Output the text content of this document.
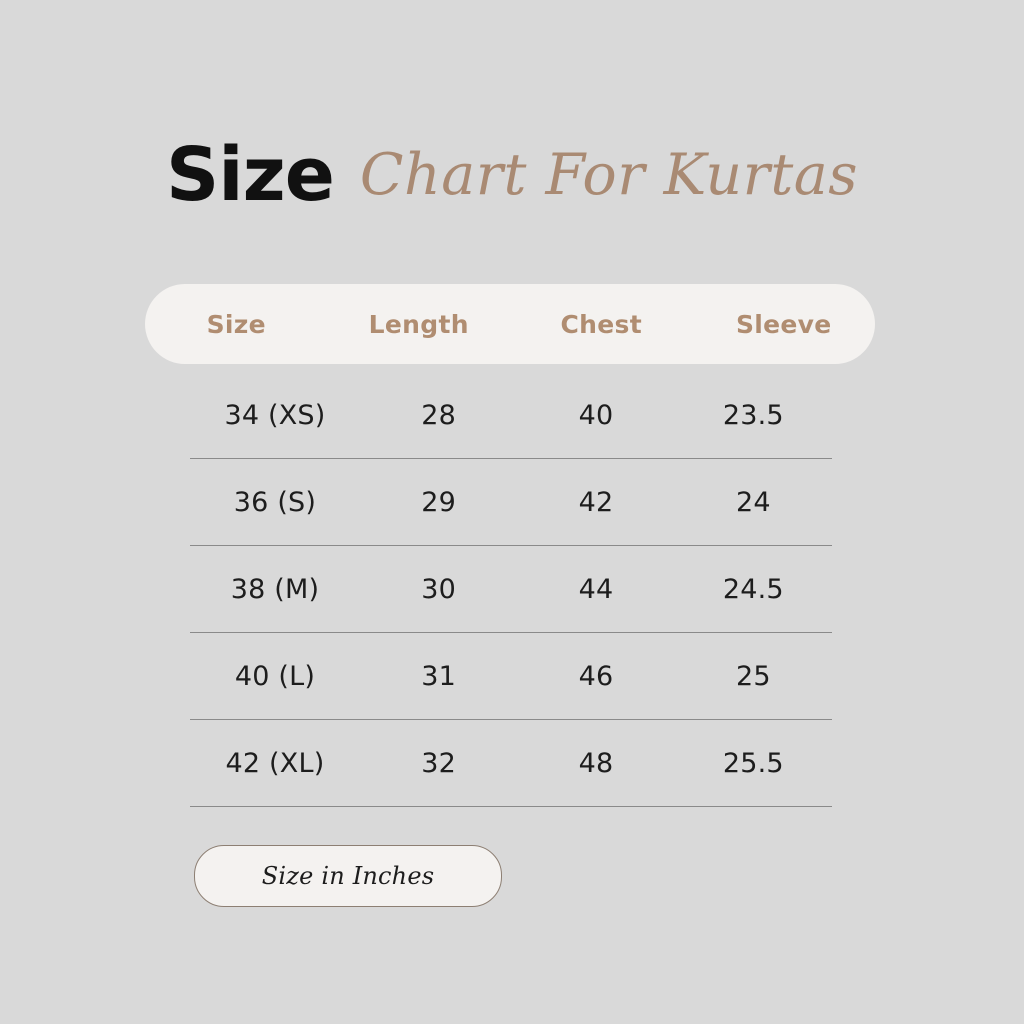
Size Chart For Kurtas
Size	Length	Chest	Sleeve
34 (XS)	28	40	23.5
36 (S)	29	42	24
38 (M)	30	44	24.5
40 (L)	31	46	25
42 (XL)	32	48	25.5
Size in Inches
